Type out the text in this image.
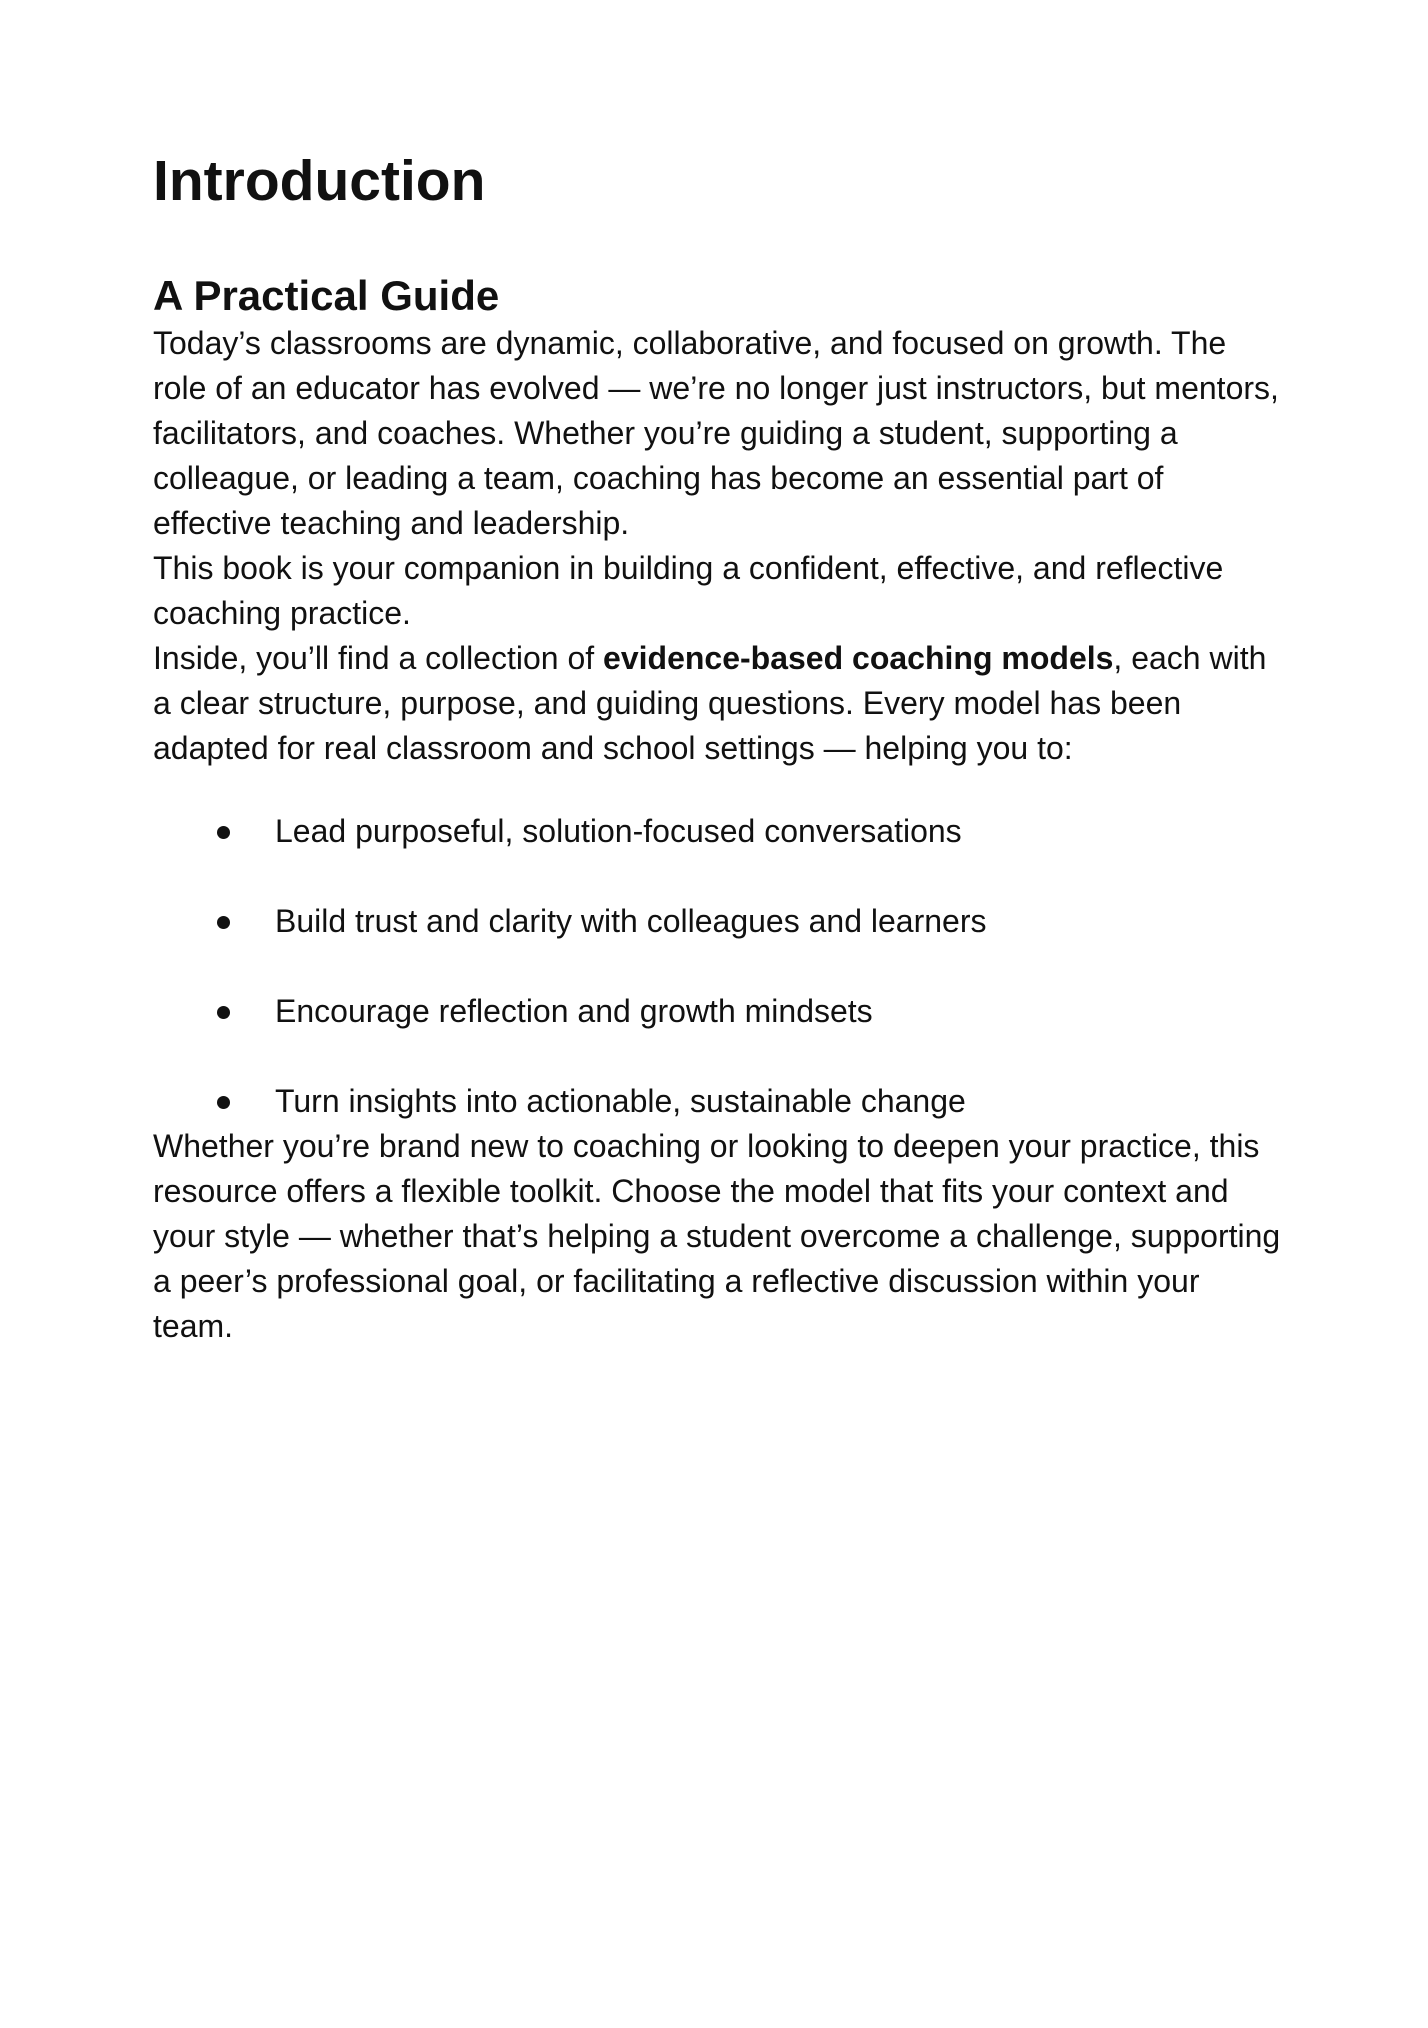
Introduction
A Practical Guide

Today’s classrooms are dynamic, collaborative, and focused on growth. The role of an educator has evolved — we’re no longer just instructors, but mentors, facilitators, and coaches. Whether you’re guiding a student, supporting a colleague, or leading a team, coaching has become an essential part of effective teaching and leadership.

This book is your companion in building a confident, effective, and reflective coaching practice.

Inside, you’ll find a collection of evidence-based coaching models, each with a clear structure, purpose, and guiding questions. Every model has been adapted for real classroom and school settings — helping you to:

Lead purposeful, solution-focused conversations
Build trust and clarity with colleagues and learners
Encourage reflection and growth mindsets
Turn insights into actionable, sustainable change

Whether you’re brand new to coaching or looking to deepen your practice, this resource offers a flexible toolkit. Choose the model that fits your context and your style — whether that’s helping a student overcome a challenge, supporting a peer’s professional goal, or facilitating a reflective discussion within your team.
